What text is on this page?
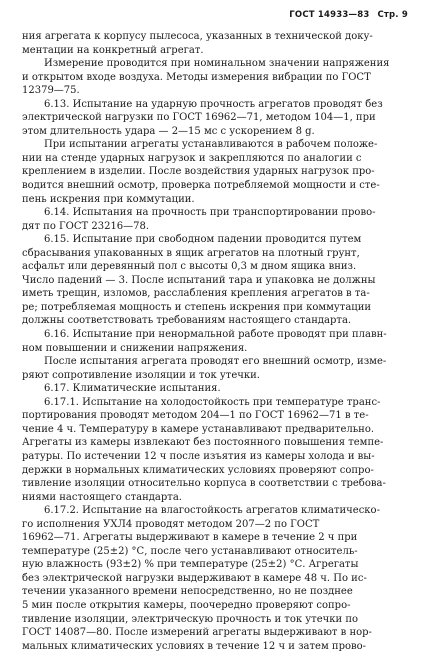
ГОСТ 14933—83 Стр. 9
ния агрегата к корпусу пылесоса, указанных в технической доку-
ментации на конкретный агрегат.
Измерение проводится при номинальном значении напряжения
и открытом входе воздуха. Методы измерения вибрации по ГОСТ
12379—75.
6.13. Испытание на ударную прочность агрегатов проводят без
электрической нагрузки по ГОСТ 16962—71, методом 104—1, при
этом длительность удара — 2—15 мс с ускорением 8 g.
При испытании агрегаты устанавливаются в рабочем положе-
нии на стенде ударных нагрузок и закрепляются по аналогии с
креплением в изделии. После воздействия ударных нагрузок про-
водится внешний осмотр, проверка потребляемой мощности и сте-
пень искрения при коммутации.
6.14. Испытания на прочность при транспортировании прово-
дят по ГОСТ 23216—78.
6.15. Испытание при свободном падении проводится путем
сбрасывания упакованных в ящик агрегатов на плотный грунт,
асфальт или деревянный пол с высоты 0,3 м дном ящика вниз.
Число падений — 3. После испытаний тара и упаковка не должны
иметь трещин, изломов, расслабления крепления агрегатов в та-
ре; потребляемая мощность и степень искрения при коммутации
должны соответствовать требованиям настоящего стандарта.
6.16. Испытание при ненормальной работе проводят при плавн-
ном повышении и снижении напряжения.
После испытания агрегата проводят его внешний осмотр, изме-
ряют сопротивление изоляции и ток утечки.
6.17. Климатические испытания.
6.17.1. Испытание на холодостойкость при температуре транс-
портирования проводят методом 204—1 по ГОСТ 16962—71 в те-
чение 4 ч. Температуру в камере устанавливают предварительно.
Агрегаты из камеры извлекают без постоянного повышения темпе-
ратуры. По истечении 12 ч после изъятия из камеры холода и вы-
держки в нормальных климатических условиях проверяют сопро-
тивление изоляции относительно корпуса в соответствии с требова-
ниями настоящего стандарта.
6.17.2. Испытание на влагостойкость агрегатов климатическо-
го исполнения УХЛ4 проводят методом 207—2 по ГОСТ
16962—71. Агрегаты выдерживают в камере в течение 2 ч при
температуре (25±2) °С, после чего устанавливают относитель-
ную влажность (93±2) % при температуре (25±2) °С. Агрегаты
без электрической нагрузки выдерживают в камере 48 ч. По ис-
течении указанного времени непосредственно, но не позднее
5 мин после открытия камеры, поочередно проверяют сопро-
тивление изоляции, электрическую прочность и ток утечки по
ГОСТ 14087—80. После измерений агрегаты выдерживают в нор-
мальных климатических условиях в течение 12 ч и затем прово-
